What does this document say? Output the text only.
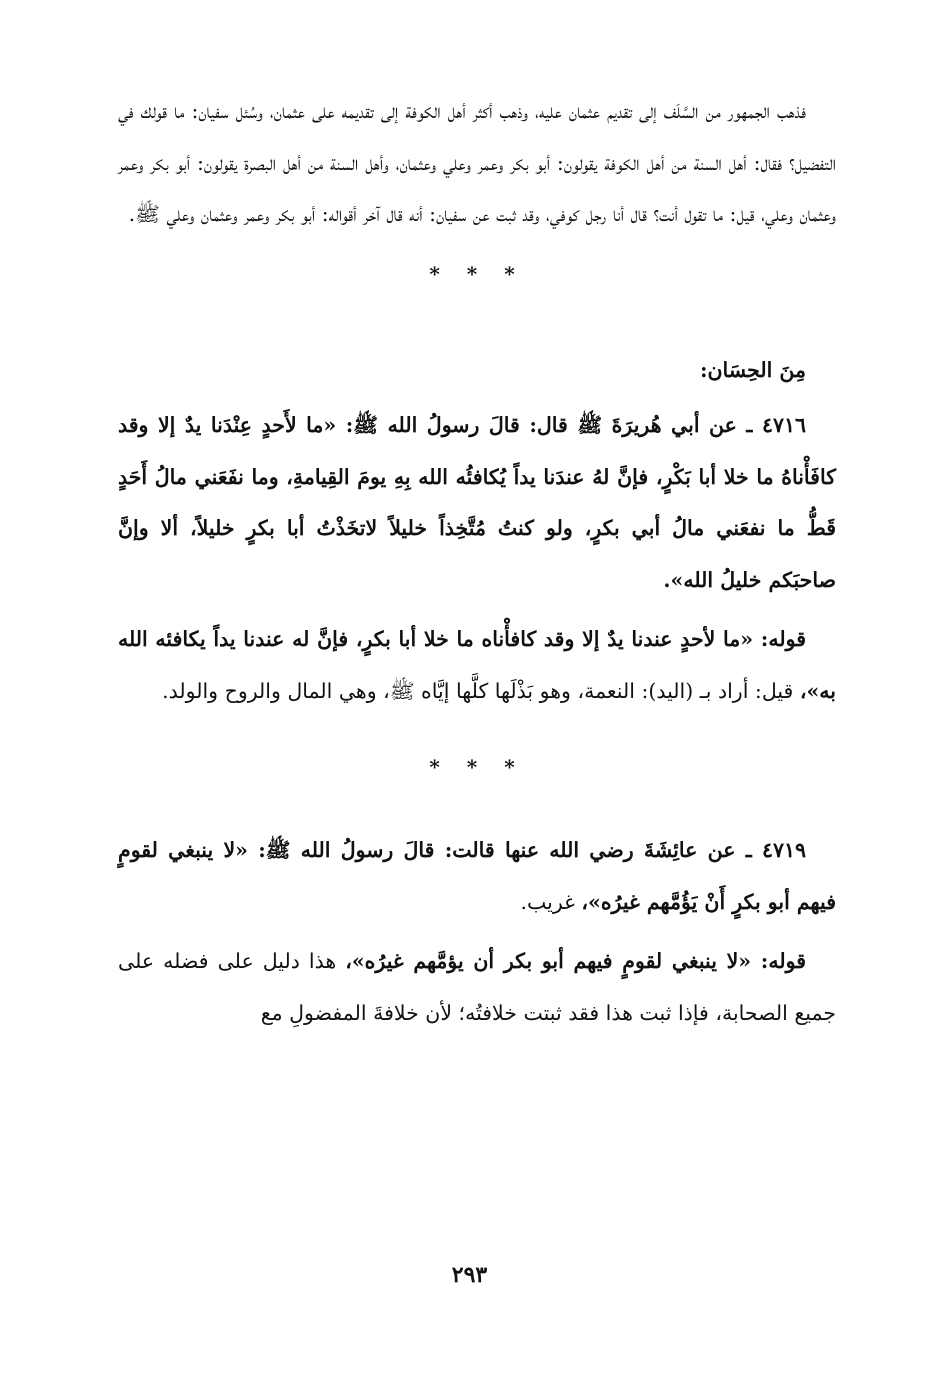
فذهب الجمهور من السَّلَف إلى تقديم عثمان عليه، وذهب أكثر أهل الكوفة إلى تقديمه على عثمان، وسُئل سفيان: ما قولك في التفضيل؟ فقال: أهل السنة من أهل الكوفة يقولون: أبو بكر وعمر وعلي وعثمان، وأهل السنة من أهل البصرة يقولون: أبو بكر وعمر وعثمان وعلي، قيل: ما تقول أنت؟ قال أنا رجل كوفي، وقد ثبت عن سفيان: أنه قال آخر أقواله: أبو بكر وعمر وعثمان وعلي ﷺ.

* * *

مِنَ الحِسَان:

٤٧١٦ ـ عن أبي هُريرَةَ ﷺ قال: قالَ رسولُ الله ﷺ: «ما لأَحدٍ عِنْدَنا يدٌ إلا وقد كافَأْناهُ ما خلا أبا بَكْرٍ، فإنَّ لهُ عندَنا يداً يُكافئُه الله بِهِ يومَ القِيامةِ، وما نفَعَني مالُ أَحَدٍ قَطُّ ما نفعَني مالُ أبي بكرٍ، ولو كنتُ مُتَّخِذاً خليلاً لاتخَذْتُ أبا بكرٍ خليلاً، ألا وإنَّ صاحبَكم خليلُ الله».

قوله: «ما لأحدٍ عندنا يدٌ إلا وقد كافأْناه ما خلا أبا بكرٍ، فإنَّ له عندنا يداً يكافئه الله به»، قيل: أراد بـ (اليد): النعمة، وهو بَذْلَها كلَّها إيَّاه ﷺ، وهي المال والروح والولد.

* * *

٤٧١٩ ـ عن عائِشَةَ رضي الله عنها قالت: قالَ رسولُ الله ﷺ: «لا ينبغي لقومٍ فيهم أبو بكرٍ أَنْ يَؤُمَّهم غيرُه»، غريب.

قوله: «لا ينبغي لقومٍ فيهم أبو بكر أن يؤمَّهم غيرُه»، هذا دليل على فضله على جميع الصحابة، فإذا ثبت هذا فقد ثبتت خلافتُه؛ لأن خلافةَ المفضولِ مع

٢٩٣
